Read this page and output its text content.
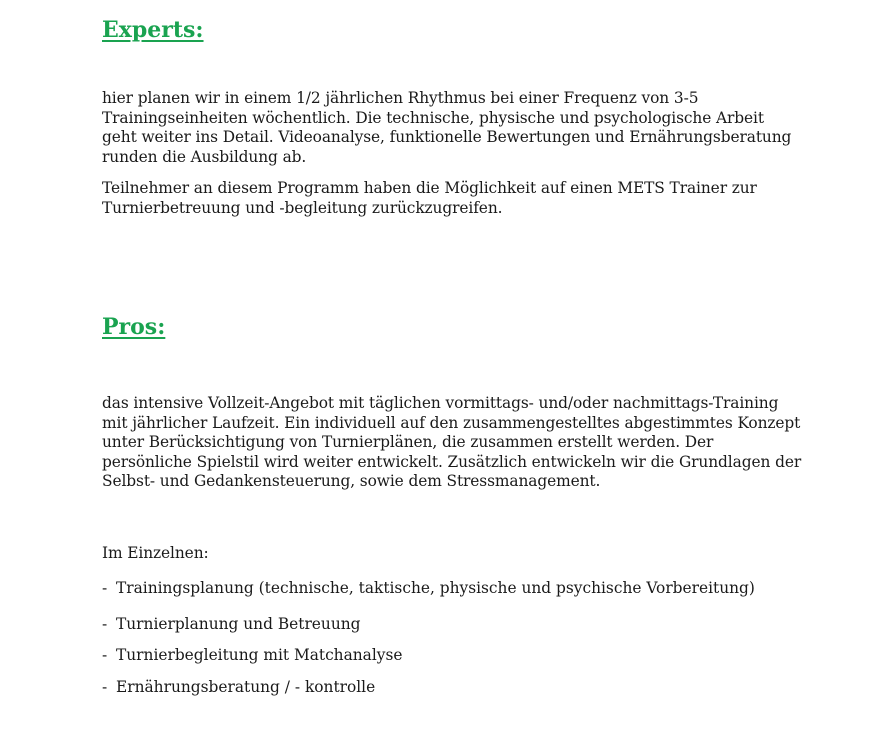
Experts:

hier planen wir in einem 1/2 jährlichen Rhythmus bei einer Frequenz von 3-5 Trainingseinheiten wöchentlich. Die technische, physische und psychologische Arbeit geht weiter ins Detail. Videoanalyse, funktionelle Bewertungen und Ernährungsberatung runden die Ausbildung ab.

Teilnehmer an diesem Programm haben die Möglichkeit auf einen METS Trainer zur Turnierbetreuung und -begleitung zurückzugreifen.

Pros:

das intensive Vollzeit-Angebot mit täglichen vormittags- und/oder nachmittags-Training mit jährlicher Laufzeit. Ein individuell auf den zusammengestelltes abgestimmtes Konzept unter Berücksichtigung von Turnierplänen, die zusammen erstellt werden. Der persönliche Spielstil wird weiter entwickelt. Zusätzlich entwickeln wir die Grundlagen der Selbst- und Gedankensteuerung, sowie dem Stressmanagement.

Im Einzelnen:

- Trainingsplanung (technische, taktische, physische und psychische Vorbereitung)

- Turnierplanung und Betreuung

- Turnierbegleitung mit Matchanalyse

- Ernährungsberatung / - kontrolle
